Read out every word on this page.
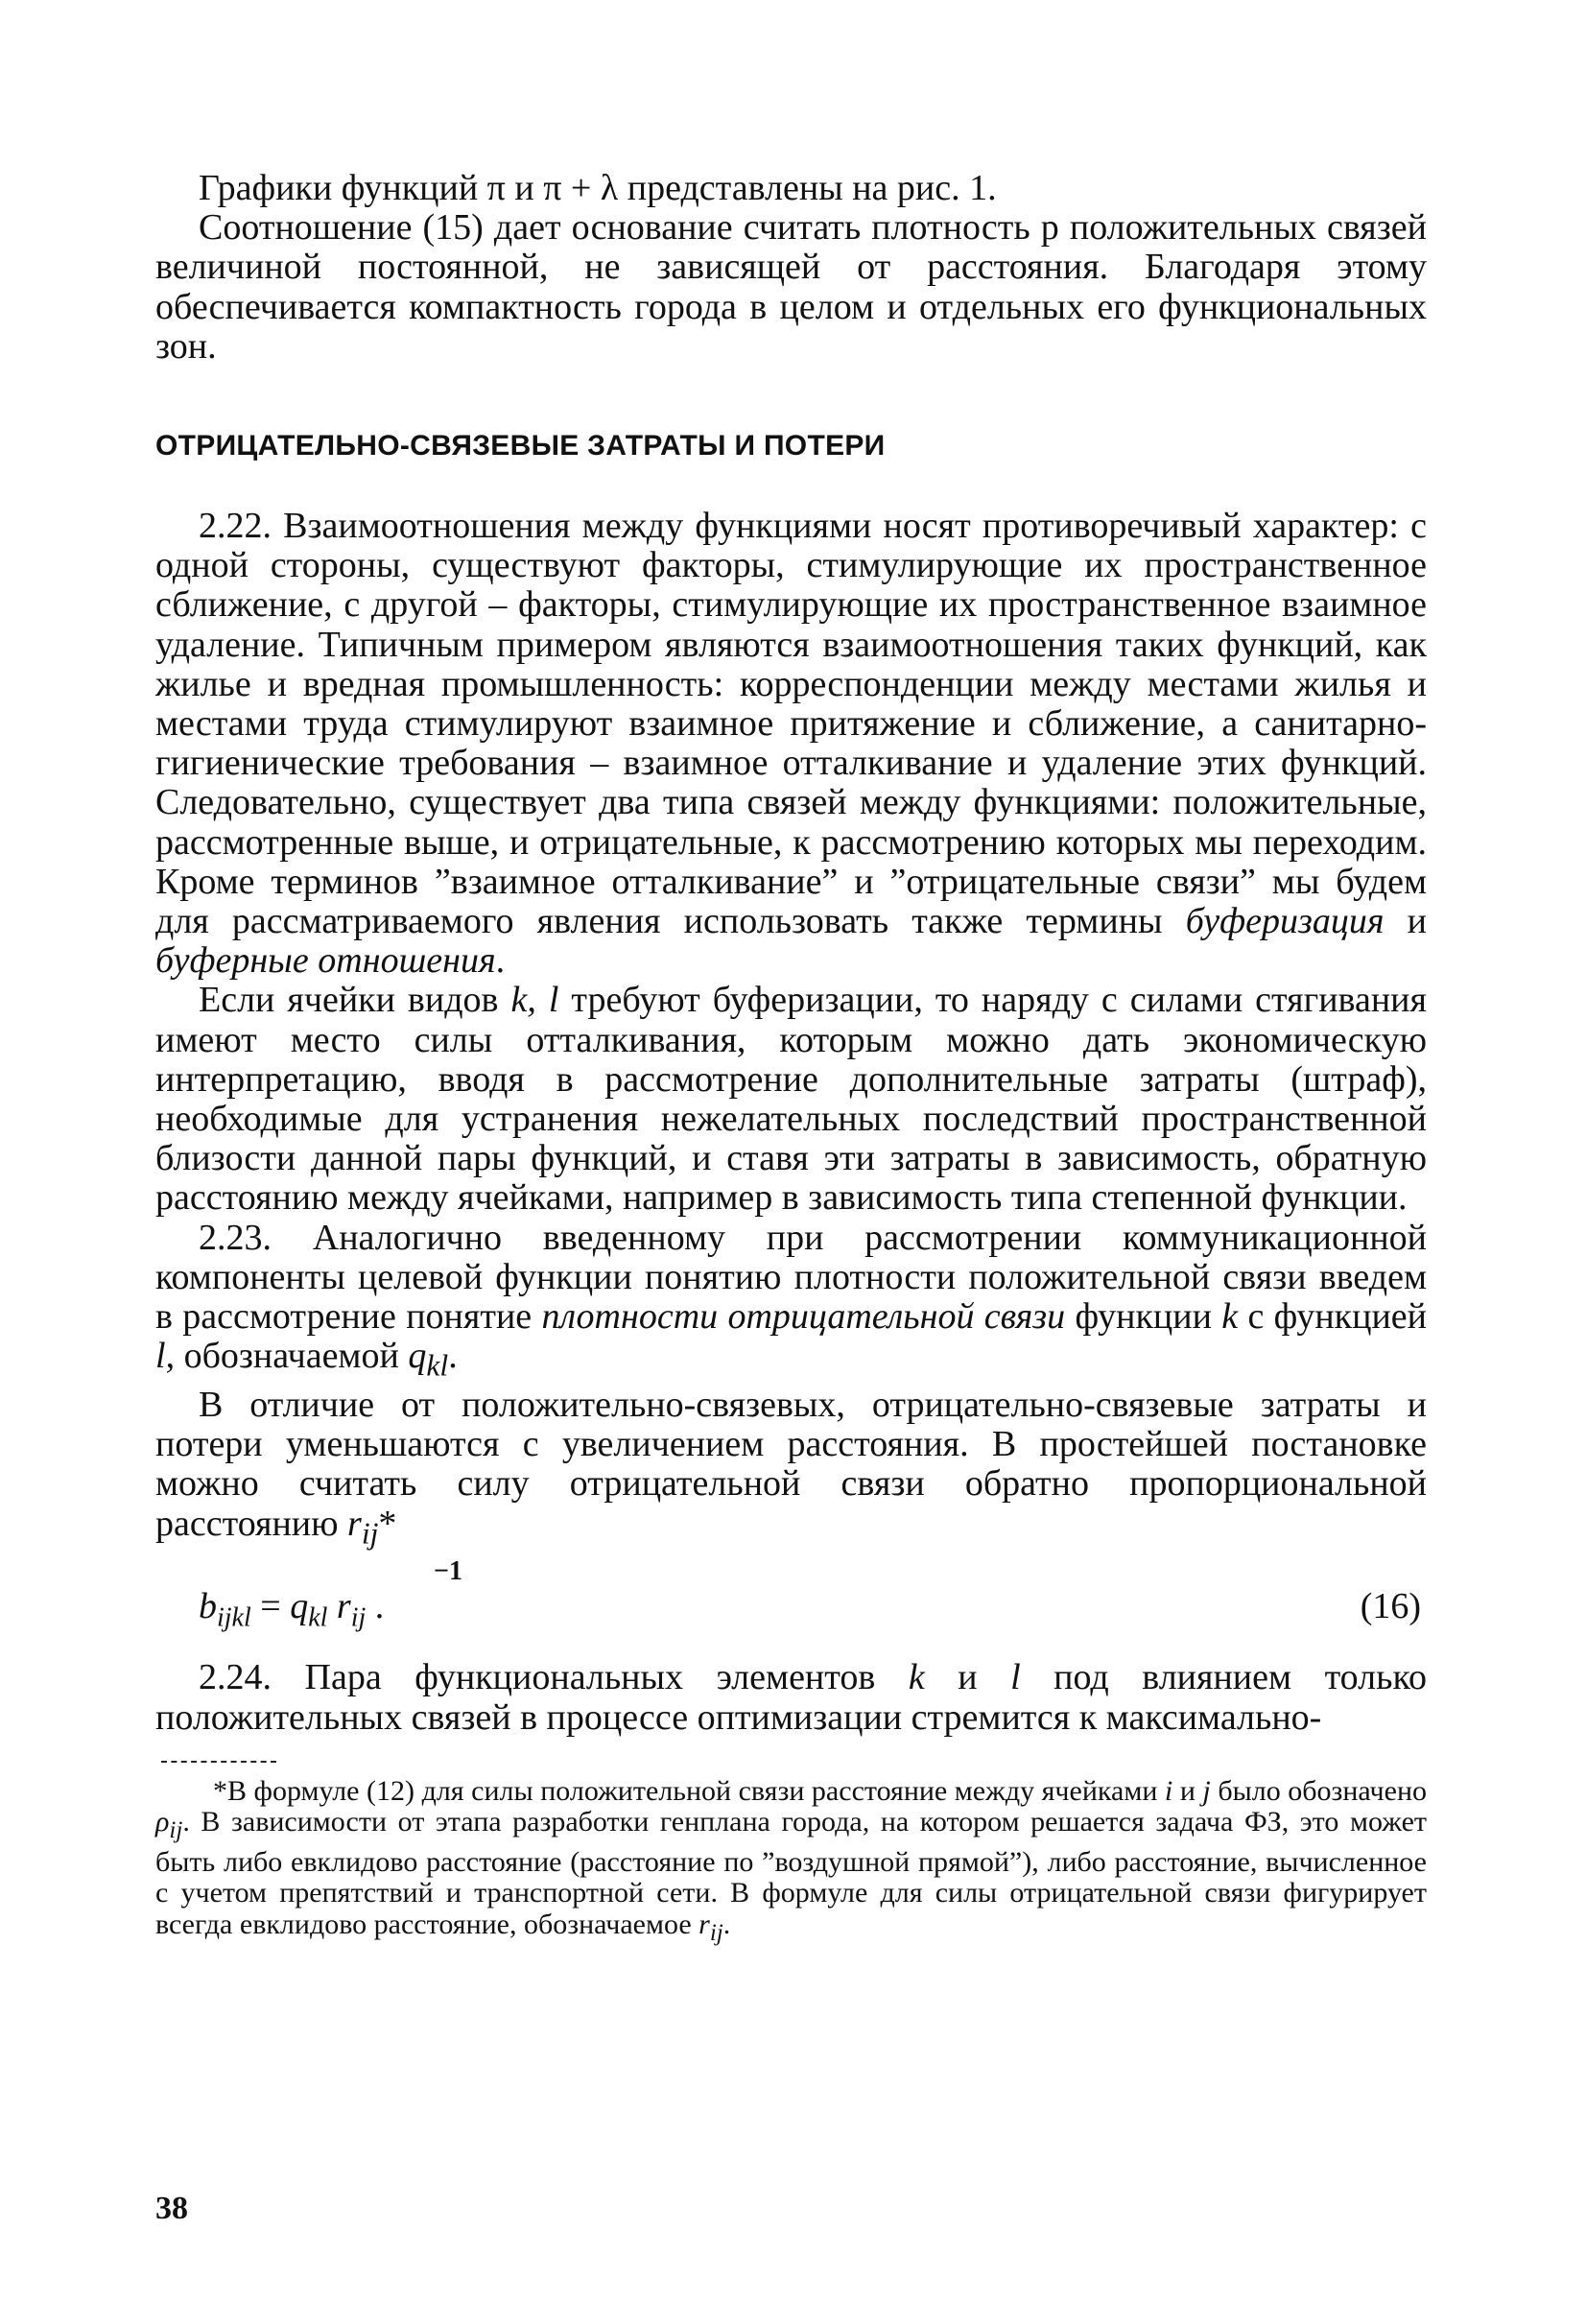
Графики функций π и π + λ представлены на рис. 1.

Соотношение (15) дает основание считать плотность p положительных связей величиной постоянной, не зависящей от расстояния. Благодаря этому обеспечивается компактность города в целом и отдельных его функциональных зон.

ОТРИЦАТЕЛЬНО-СВЯЗЕВЫЕ ЗАТРАТЫ И ПОТЕРИ

2.22. Взаимоотношения между функциями носят противоречивый характер: с одной стороны, существуют факторы, стимулирующие их пространственное сближение, с другой – факторы, стимулирующие их пространственное взаимное удаление. Типичным примером являются взаимоотношения таких функций, как жилье и вредная промышленность: корреспонденции между местами жилья и местами труда стимулируют взаимное притяжение и сближение, а санитарно-гигиенические требования – взаимное отталкивание и удаление этих функций. Следовательно, существует два типа связей между функциями: положительные, рассмотренные выше, и отрицательные, к рассмотрению которых мы переходим. Кроме терминов ”взаимное отталкивание” и ”отрицательные связи” мы будем для рассматриваемого явления использовать также термины буферизация и буферные отношения.

Если ячейки видов k, l требуют буферизации, то наряду с силами стягивания имеют место силы отталкивания, которым можно дать экономическую интерпретацию, вводя в рассмотрение дополнительные затраты (штраф), необходимые для устранения нежелательных последствий пространственной близости данной пары функций, и ставя эти затраты в зависимость, обратную расстоянию между ячейками, например в зависимость типа степенной функции.

2.23. Аналогично введенному при рассмотрении коммуникационной компоненты целевой функции понятию плотности положительной связи введем в рассмотрение понятие плотности отрицательной связи функции k с функцией l, обозначаемой $q_{kl}$.

В отличие от положительно-связевых, отрицательно-связевые затраты и потери уменьшаются с увеличением расстояния. В простейшей постановке можно считать силу отрицательной связи обратно пропорциональной расстоянию $r_{ij}*$

$b_{ijkl} = q_{kl}$ $r_{ij}$ .
−1
(16)

2.24. Пара функциональных элементов k и l под влиянием только положительных связей в процессе оптимизации стремится к максимально-

*В формуле (12) для силы положительной связи расстояние между ячейками i и j было обозначено $\rho_{ij}$. В зависимости от этапа разработки генплана города, на котором решается задача ФЗ, это может быть либо евклидово расстояние (расстояние по ”воздушной прямой”), либо расстояние, вычисленное с учетом препятствий и транспортной сети. В формуле для силы отрицательной связи фигурирует всегда евклидово расстояние, обозначаемое $r_{ij}$.

38
